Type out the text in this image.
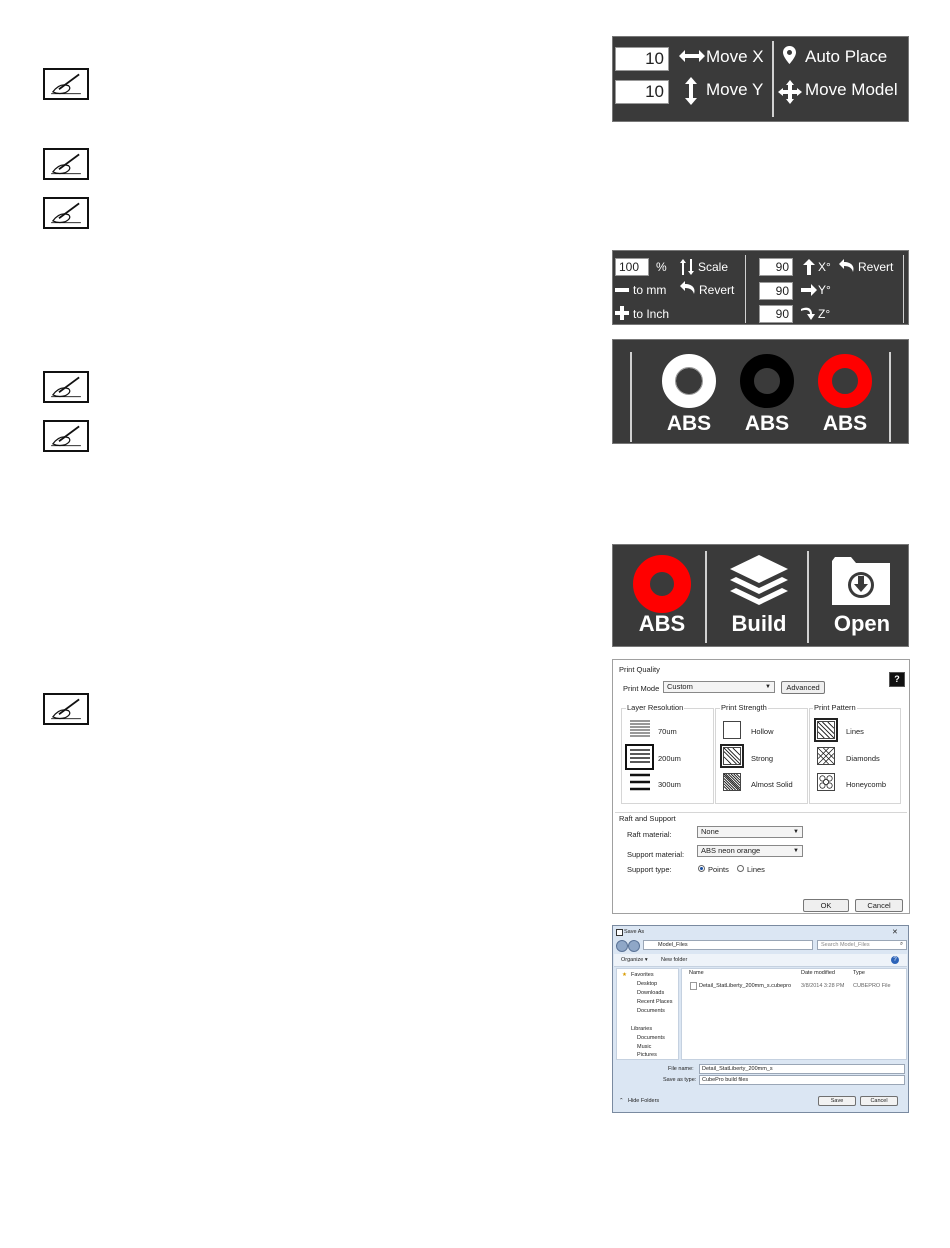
10
10
Move X
Move Y
Auto Place
Move Model
100	%	Scale
to mm	Revert
to Inch
90
90
90
X° Revert
Y°
Z°
ABS	ABS	ABS
ABS	Build	Open
Print Quality
?
Print Mode	Custom	▼	Advanced
Layer Resolution
70um
200um
300um
Print Strength
Hollow
Strong
Almost Solid
Print Pattern
Lines
Diamonds
Honeycomb
Raft and Support
Raft material:	None	▼
Support material:	ABS neon orange	▼
Support type:	Points Lines
OK	Cancel
Save As	✕
Model_Files	Search Model_Files	⌕
Organize ▾ New folder	?
★ Favorites
Desktop
Downloads
Recent Places
Documents
Libraries
Documents
Music
Pictures
Name	Date modified	Type
Detail_StatLiberty_200mm_s.cubepro 3/8/2014 3:28 PM CUBEPRO File
File name: Detail_StatLiberty_200mm_s
Save as type: CubePro build files
⌃ Hide Folders	Save	Cancel
